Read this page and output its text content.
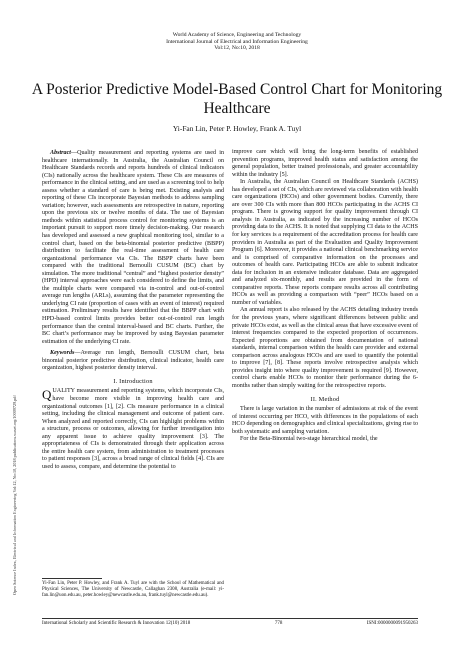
World Academy of Science, Engineering and Technology
International Journal of Electrical and Information Engineering
Vol:12, No:10, 2018
A Posterior Predictive Model-Based Control Chart for Monitoring Healthcare
Yi-Fan Lin, Peter P. Howley, Frank A. Tuyl
Open Science Index, Electrical and Information Engineering Vol:12, No:10, 2018 publications.waset.org/10009729.pdf

Abstract—Quality measurement and reporting systems are used in healthcare internationally. In Australia, the Australian Council on Healthcare Standards records and reports hundreds of clinical indicators (CIs) nationally across the healthcare system. These CIs are measures of performance in the clinical setting, and are used as a screening tool to help assess whether a standard of care is being met. Existing analysis and reporting of these CIs incorporate Bayesian methods to address sampling variation; however, such assessments are retrospective in nature, reporting upon the previous six or twelve months of data. The use of Bayesian methods within statistical process control for monitoring systems is an important pursuit to support more timely decision-making. Our research has developed and assessed a new graphical monitoring tool, similar to a control chart, based on the beta-binomial posterior predictive (BBPP) distribution to facilitate the real-time assessment of health care organizational performance via CIs. The BBPP charts have been compared with the traditional Bernoulli CUSUM (BC) chart by simulation. The more traditional “central” and “highest posterior density” (HPD) interval approaches were each considered to define the limits, and the multiple charts were compared via in-control and out-of-control average run lengths (ARLs), assuming that the parameter representing the underlying CI rate (proportion of cases with an event of interest) required estimation. Preliminary results have identified that the BBPP chart with HPD-based control limits provides better out-of-control run length performance than the central interval-based and BC charts. Further, the BC chart’s performance may be improved by using Bayesian parameter estimation of the underlying CI rate.

Keywords—Average run length, Bernoulli CUSUM chart, beta binomial posterior predictive distribution, clinical indicator, health care organization, highest posterior density interval.

I. Introduction

QUALITY measurement and reporting systems, which incorporate CIs, have become more visible in improving health care and organizational outcomes [1], [2]. CIs measure performance in a clinical setting, including the clinical management and outcome of patient care. When analyzed and reported correctly, CIs can highlight problems within a structure, process or outcomes, allowing for further investigation into any apparent issue to achieve quality improvement [3]. The appropriateness of CIs is demonstrated through their application across the entire health care system, from administration to treatment processes to patient responses [3], across a broad range of clinical fields [4]. CIs are used to assess, compare, and determine the potential to

Yi-Fan Lin, Peter P. Howley, and Frank A. Tuyl are with the School of Mathematical and Physical Sciences, The University of Newcastle, Callaghan 2308, Australia (e-mail: yi-fan.lin@uon.edu.au, peter.howley@newcastle.edu.au, frank.tuyl@newcastle.edu.au).

improve care which will bring the long-term benefits of established prevention programs, improved health status and satisfaction among the general population, better trained professionals, and greater accountability within the industry [5].

In Australia, the Australian Council on Healthcare Standards (ACHS) has developed a set of CIs, which are reviewed via collaboration with health care organizations (HCOs) and other government bodies. Currently, there are over 300 CIs with more than 800 HCOs participating in the ACHS CI program. There is growing support for quality improvement through CI analysis in Australia, as indicated by the increasing number of HCOs providing data to the ACHS. It is noted that supplying CI data to the ACHS for key services is a requirement of the accreditation process for health care providers in Australia as part of the Evaluation and Quality Improvement Program [6]. Moreover, it provides a national clinical benchmarking service and is comprised of comparative information on the processes and outcomes of health care. Participating HCOs are able to submit indicator data for inclusion in an extensive indicator database. Data are aggregated and analyzed six-monthly, and results are provided in the form of comparative reports. These reports compare results across all contributing HCOs as well as providing a comparison with “peer” HCOs based on a number of variables.

An annual report is also released by the ACHS detailing industry trends for the previous years, where significant differences between public and private HCOs exist, as well as the clinical areas that have excessive event of interest frequencies compared to the expected proportion of occurrences. Expected proportions are obtained from documentation of national standards, internal comparison within the health care provider and external comparison across analogous HCOs and are used to quantify the potential to improve [7], [8]. These reports involve retrospective analysis which provides insight into where quality improvement is required [9]. However, control charts enable HCOs to monitor their performance during the 6-months rather than simply waiting for the retrospective reports.

II. Method

There is large variation in the number of admissions at risk of the event of interest occurring per HCO, with differences in the populations of each HCO depending on demographics and clinical specializations, giving rise to both systematic and sampling variation.

For the Beta-Binomial two-stage hierarchical model, the

International Scholarly and Scientific Research & Innovation 12(10) 2018	778	ISNI:0000000091950263
